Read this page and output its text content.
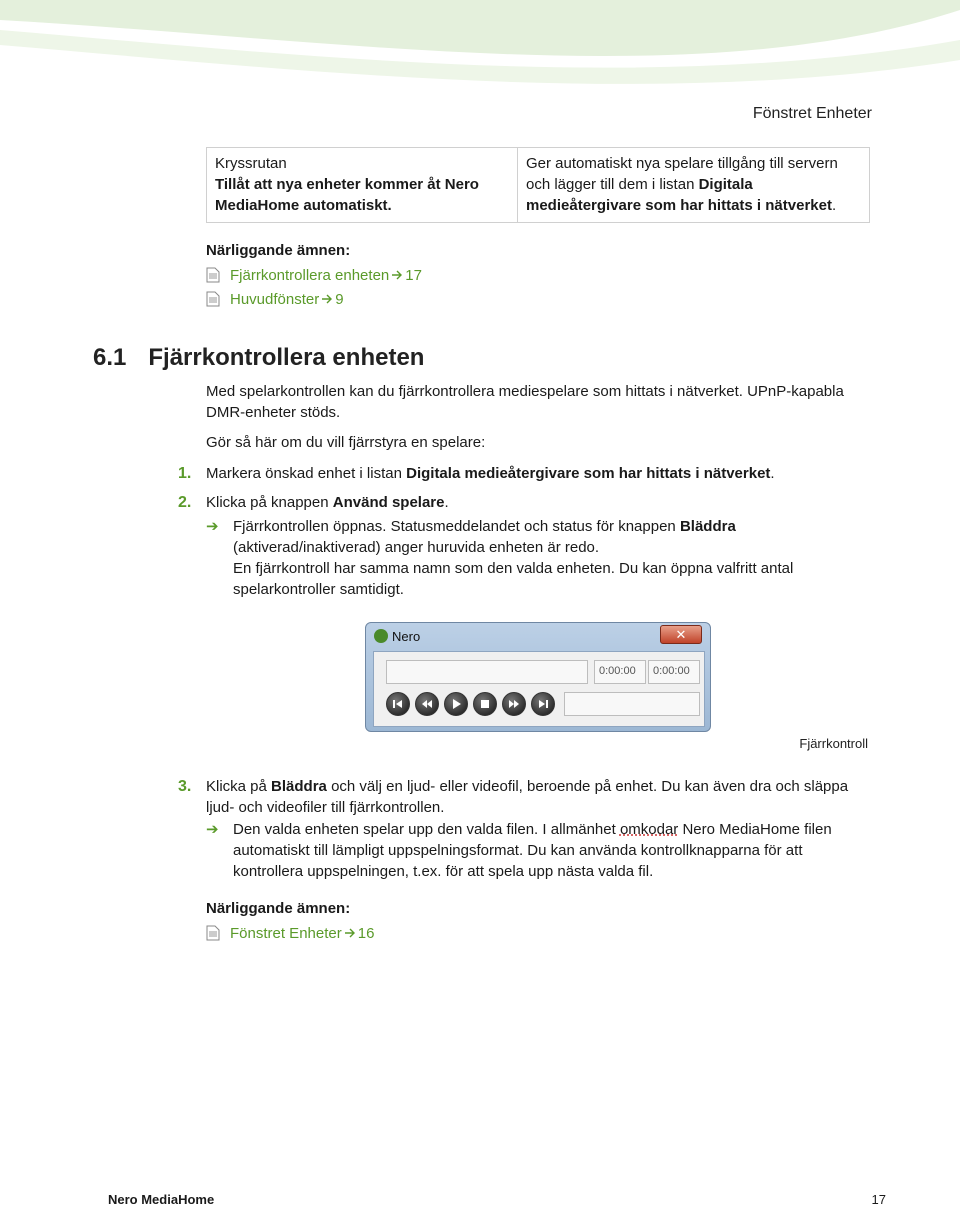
Fönstret Enheter
Kryssrutan
Tillåt att nya enheter kommer åt Nero MediaHome automatiskt.
	Ger automatiskt nya spelare tillgång till servern och lägger till dem i listan Digitala medieåtergivare som har hittats i nätverket.
Närliggande ämnen:
Fjärrkontrollera enheten 17
Huvudfönster 9
6.1 Fjärrkontrollera enheten
Med spelarkontrollen kan du fjärrkontrollera mediespelare som hittats i nätverket. UPnP-kapabla DMR-enheter stöds.
Gör så här om du vill fjärrstyra en spelare:
1. Markera önskad enhet i listan Digitala medieåtergivare som har hittats i nätverket.
2. Klicka på knappen Använd spelare.
➔ Fjärrkontrollen öppnas. Statusmeddelandet och status för knappen Bläddra (aktiverad/inaktiverad) anger huruvida enheten är redo.
En fjärrkontroll har samma namn som den valda enheten. Du kan öppna valfritt antal spelarkontroller samtidigt.
Nero	✕
0:00:00 0:00:00
Fjärrkontroll
3. Klicka på Bläddra och välj en ljud- eller videofil, beroende på enhet. Du kan även dra och släppa ljud- och videofiler till fjärrkontrollen.
➔ Den valda enheten spelar upp den valda filen. I allmänhet omkodar Nero MediaHome filen automatiskt till lämpligt uppspelningsformat. Du kan använda kontrollknapparna för att kontrollera uppspelningen, t.ex. för att spela upp nästa valda fil.
Närliggande ämnen:
Fönstret Enheter 16
Nero MediaHome	17
